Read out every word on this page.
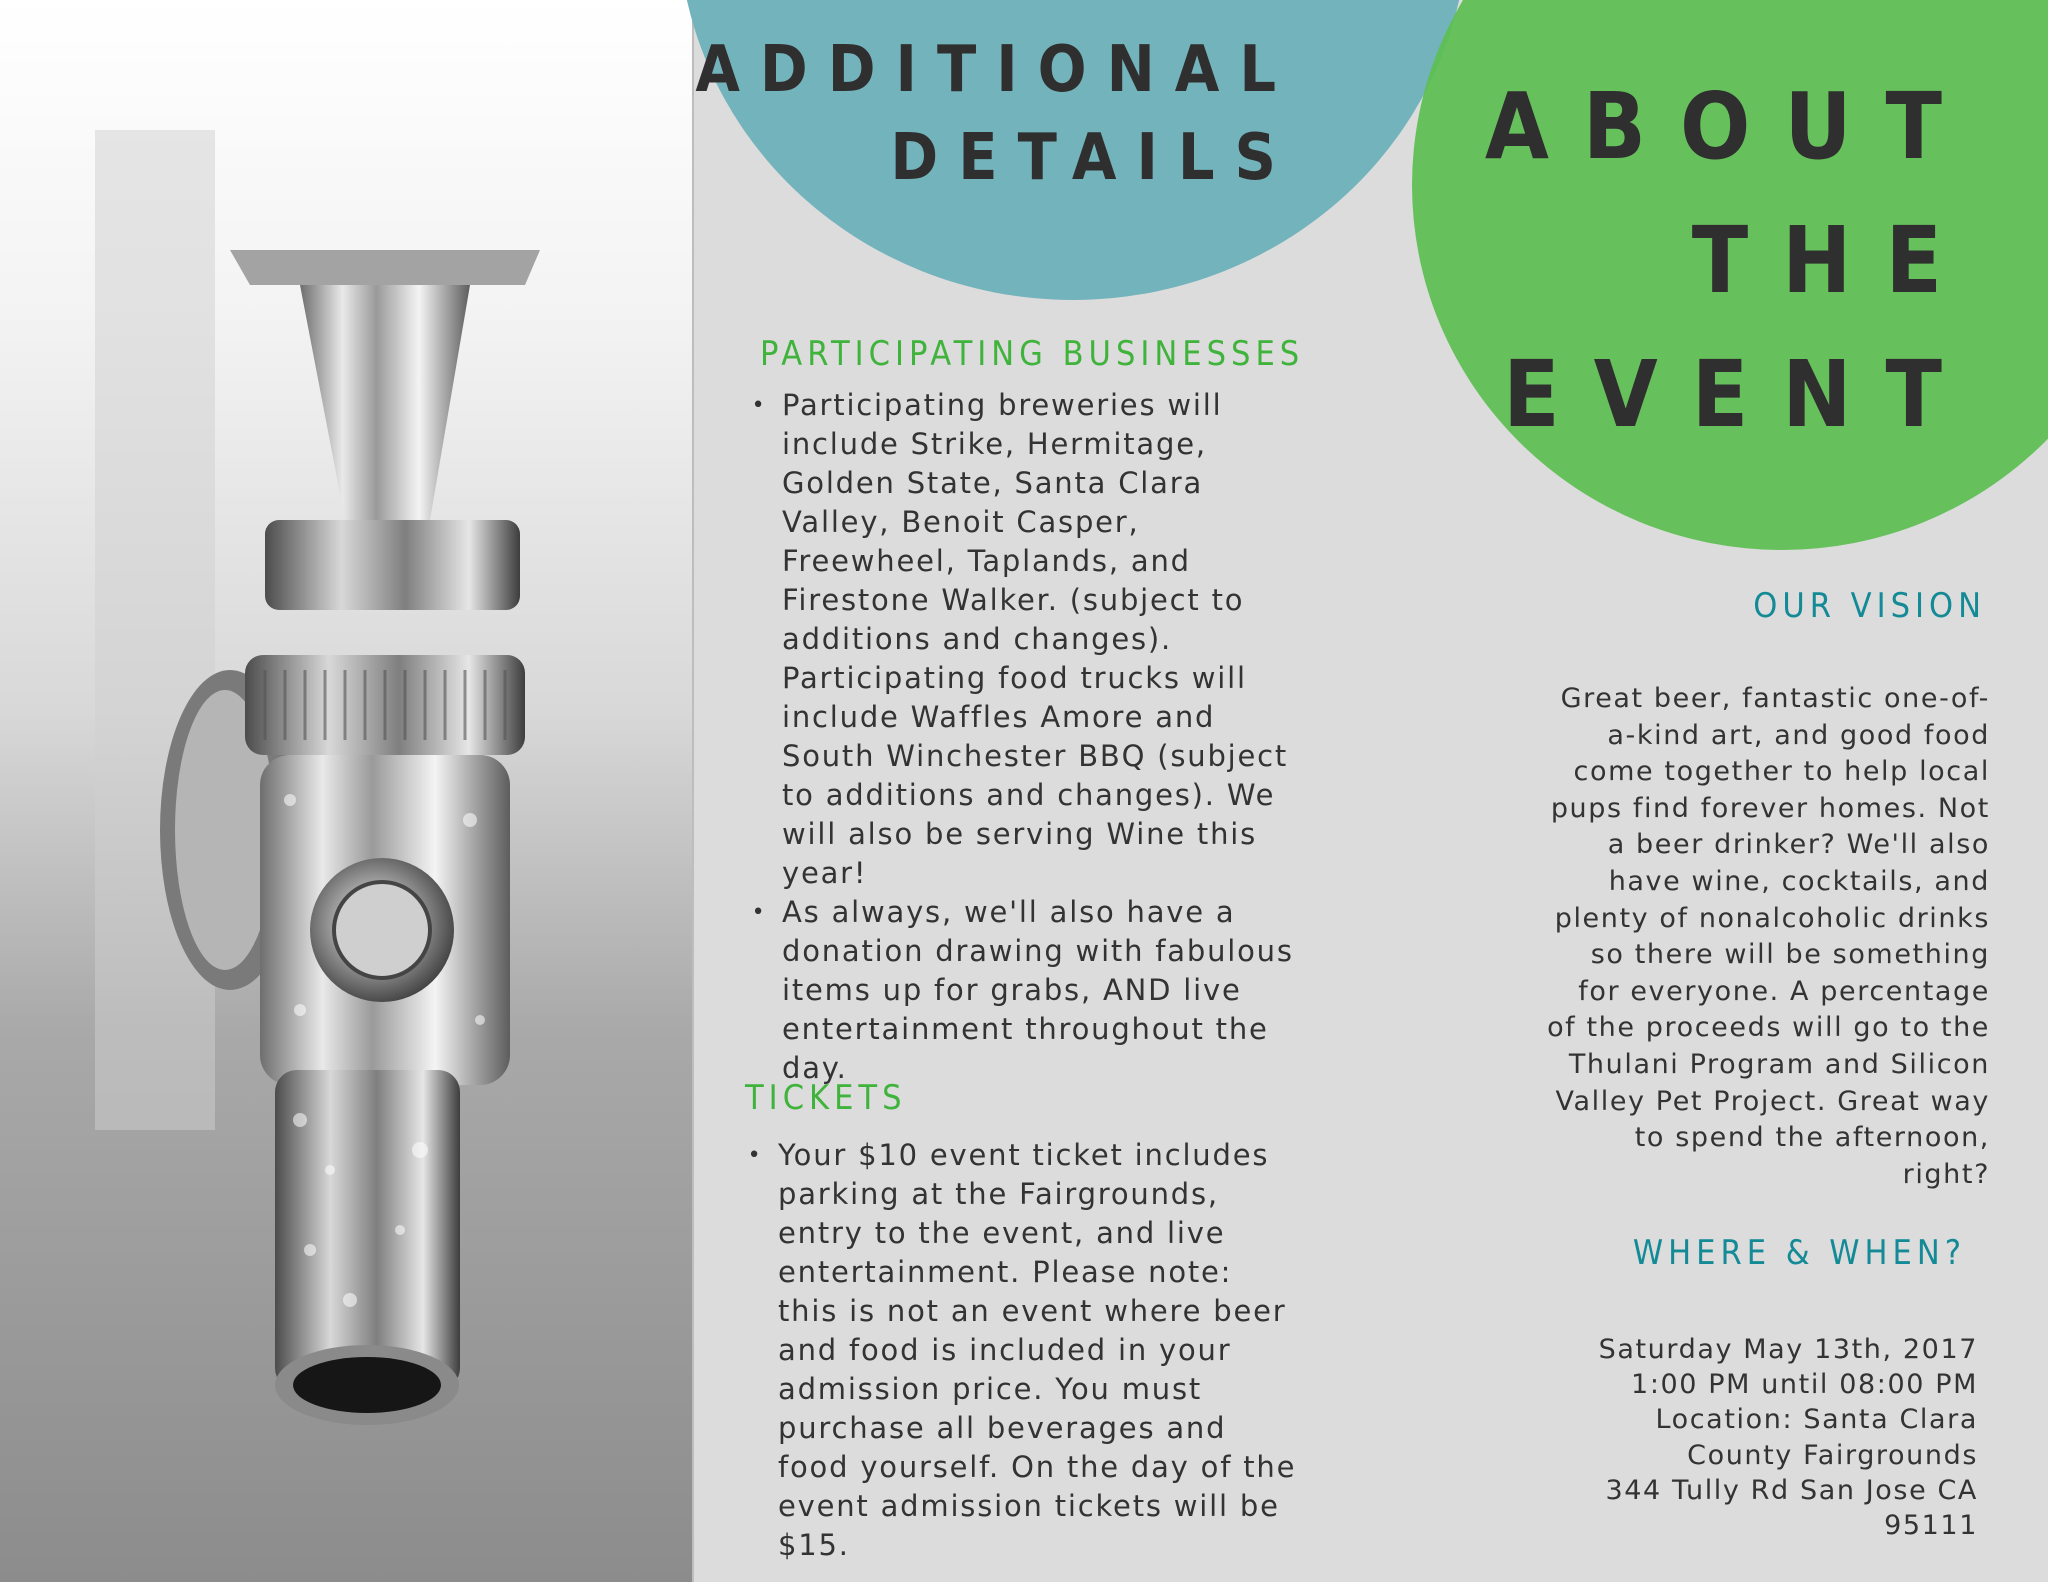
ADDITIONAL
DETAILS
PARTICIPATING BUSINESSES
• Participating breweries will include Strike, Hermitage, Golden State, Santa Clara Valley, Benoit Casper, Freewheel, Taplands, and Firestone Walker. (subject to additions and changes). Participating food trucks will include Waffles Amore and South Winchester BBQ (subject to additions and changes). We will also be serving Wine this year!
• As always, we'll also have a donation drawing with fabulous items up for grabs, AND live entertainment throughout the day.
TICKETS
• Your $10 event ticket includes parking at the Fairgrounds, entry to the event, and live entertainment. Please note: this is not an event where beer and food is included in your admission price. You must purchase all beverages and food yourself. On the day of the event admission tickets will be $15.
ABOUT
THE
EVENT
OUR VISION

Great beer, fantastic one-of-a-kind art, and good food come together to help local pups find forever homes. Not a beer drinker? We'll also have wine, cocktails, and plenty of nonalcoholic drinks so there will be something for everyone. A percentage of the proceeds will go to the Thulani Program and Silicon Valley Pet Project. Great way to spend the afternoon, right?

WHERE & WHEN?
Saturday May 13th, 2017
1:00 PM until 08:00 PM
Location: Santa Clara
County Fairgrounds
344 Tully Rd San Jose CA
95111
